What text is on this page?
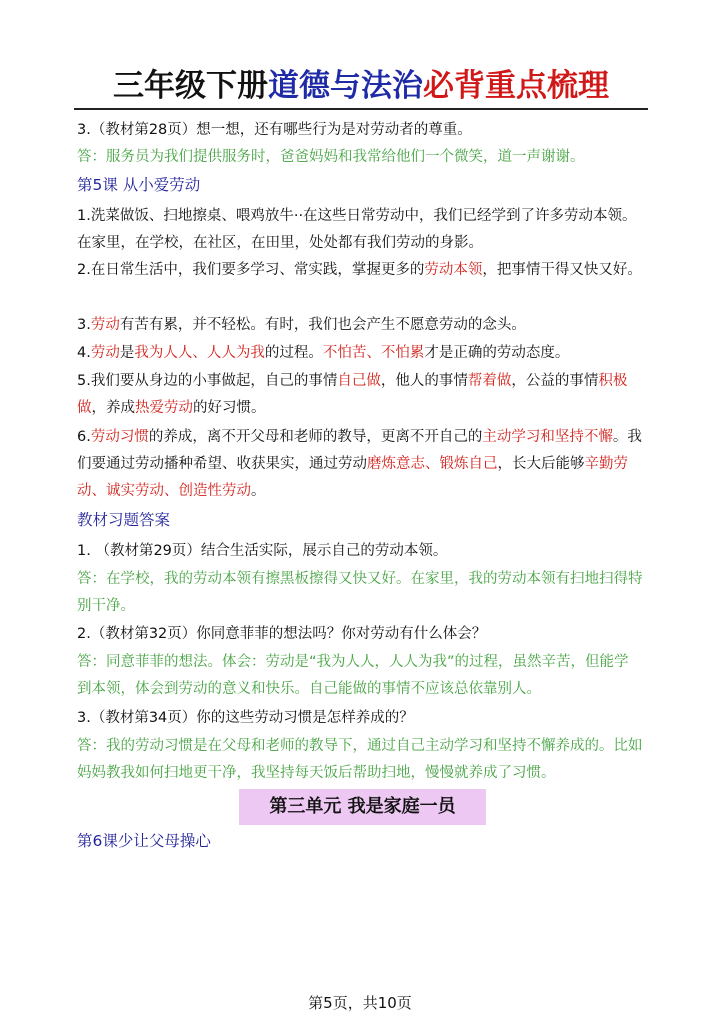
三年级下册道德与法治必背重点梳理

3.（教材第28页）想一想，还有哪些行为是对劳动者的尊重。

答：服务员为我们提供服务时，爸爸妈妈和我常给他们一个微笑，道一声谢谢。

第5课 从小爱劳动

1.洗菜做饭、扫地擦桌、喂鸡放牛··在这些日常劳动中，我们已经学到了许多劳动本领。在家里，在学校，在社区，在田里，处处都有我们劳动的身影。

2.在日常生活中，我们要多学习、常实践，掌握更多的劳动本领，把事情干得又快又好。

3.劳动有苦有累，并不轻松。有时，我们也会产生不愿意劳动的念头。

4.劳动是我为人人、人人为我的过程。不怕苦、不怕累才是正确的劳动态度。

5.我们要从身边的小事做起，自己的事情自己做，他人的事情帮着做，公益的事情积极做，养成热爱劳动的好习惯。

6.劳动习惯的养成，离不开父母和老师的教导，更离不开自己的主动学习和坚持不懈。我们要通过劳动播种希望、收获果实，通过劳动磨炼意志、锻炼自己，长大后能够辛勤劳动、诚实劳动、创造性劳动。

教材习题答案

1. （教材第29页）结合生活实际，展示自己的劳动本领。

答：在学校，我的劳动本领有擦黑板擦得又快又好。在家里，我的劳动本领有扫地扫得特别干净。

2.（教材第32页）你同意菲菲的想法吗？你对劳动有什么体会？

答：同意菲菲的想法。体会：劳动是“我为人人，人人为我”的过程，虽然辛苦，但能学到本领，体会到劳动的意义和快乐。自己能做的事情不应该总依靠别人。

3.（教材第34页）你的这些劳动习惯是怎样养成的？

答：我的劳动习惯是在父母和老师的教导下，通过自己主动学习和坚持不懈养成的。比如妈妈教我如何扫地更干净，我坚持每天饭后帮助扫地，慢慢就养成了习惯。

第三单元 我是家庭一员

第6课少让父母操心

第5页，共10页
